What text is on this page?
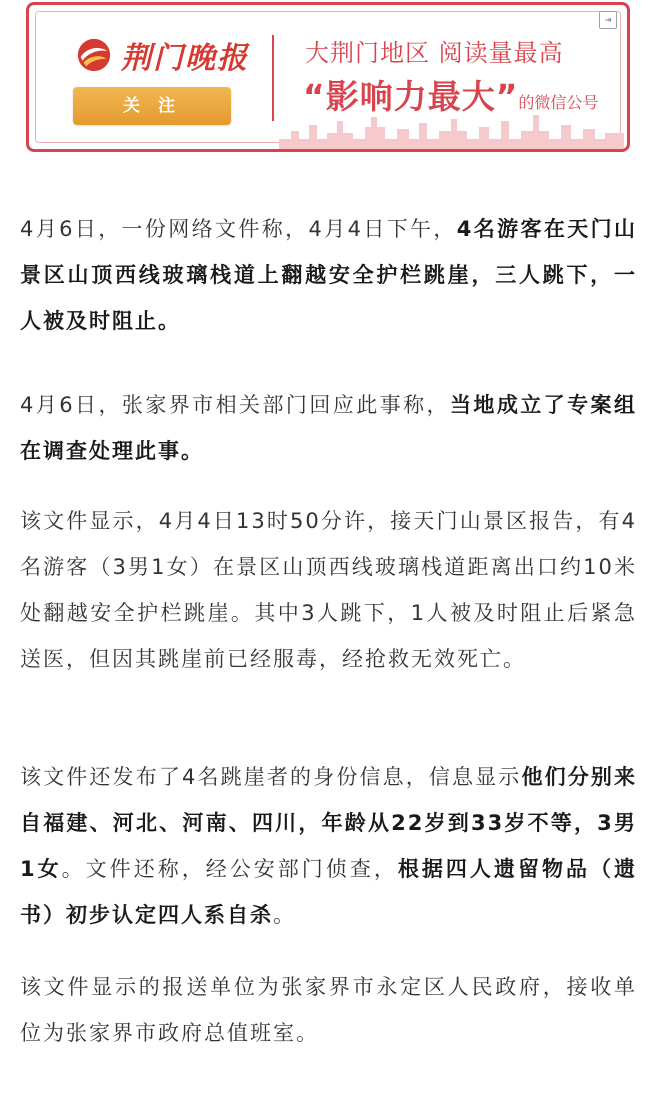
⇥
荆门晚报
关 注
大荆门地区 阅读量最高
“影响力最大”的微信公号

4月6日，一份网络文件称，4月4日下午，4名游客在天门山景区山顶西线玻璃栈道上翻越安全护栏跳崖，三人跳下，一人被及时阻止。

4月6日，张家界市相关部门回应此事称，当地成立了专案组在调查处理此事。

该文件显示，4月4日13时50分许，接天门山景区报告，有4名游客（3男1女）在景区山顶西线玻璃栈道距离出口约10米处翻越安全护栏跳崖。其中3人跳下，1人被及时阻止后紧急送医，但因其跳崖前已经服毒，经抢救无效死亡。

该文件还发布了4名跳崖者的身份信息，信息显示他们分别来自福建、河北、河南、四川，年龄从22岁到33岁不等，3男1女。文件还称，经公安部门侦查，根据四人遗留物品（遗书）初步认定四人系自杀。

该文件显示的报送单位为张家界市永定区人民政府，接收单位为张家界市政府总值班室。
